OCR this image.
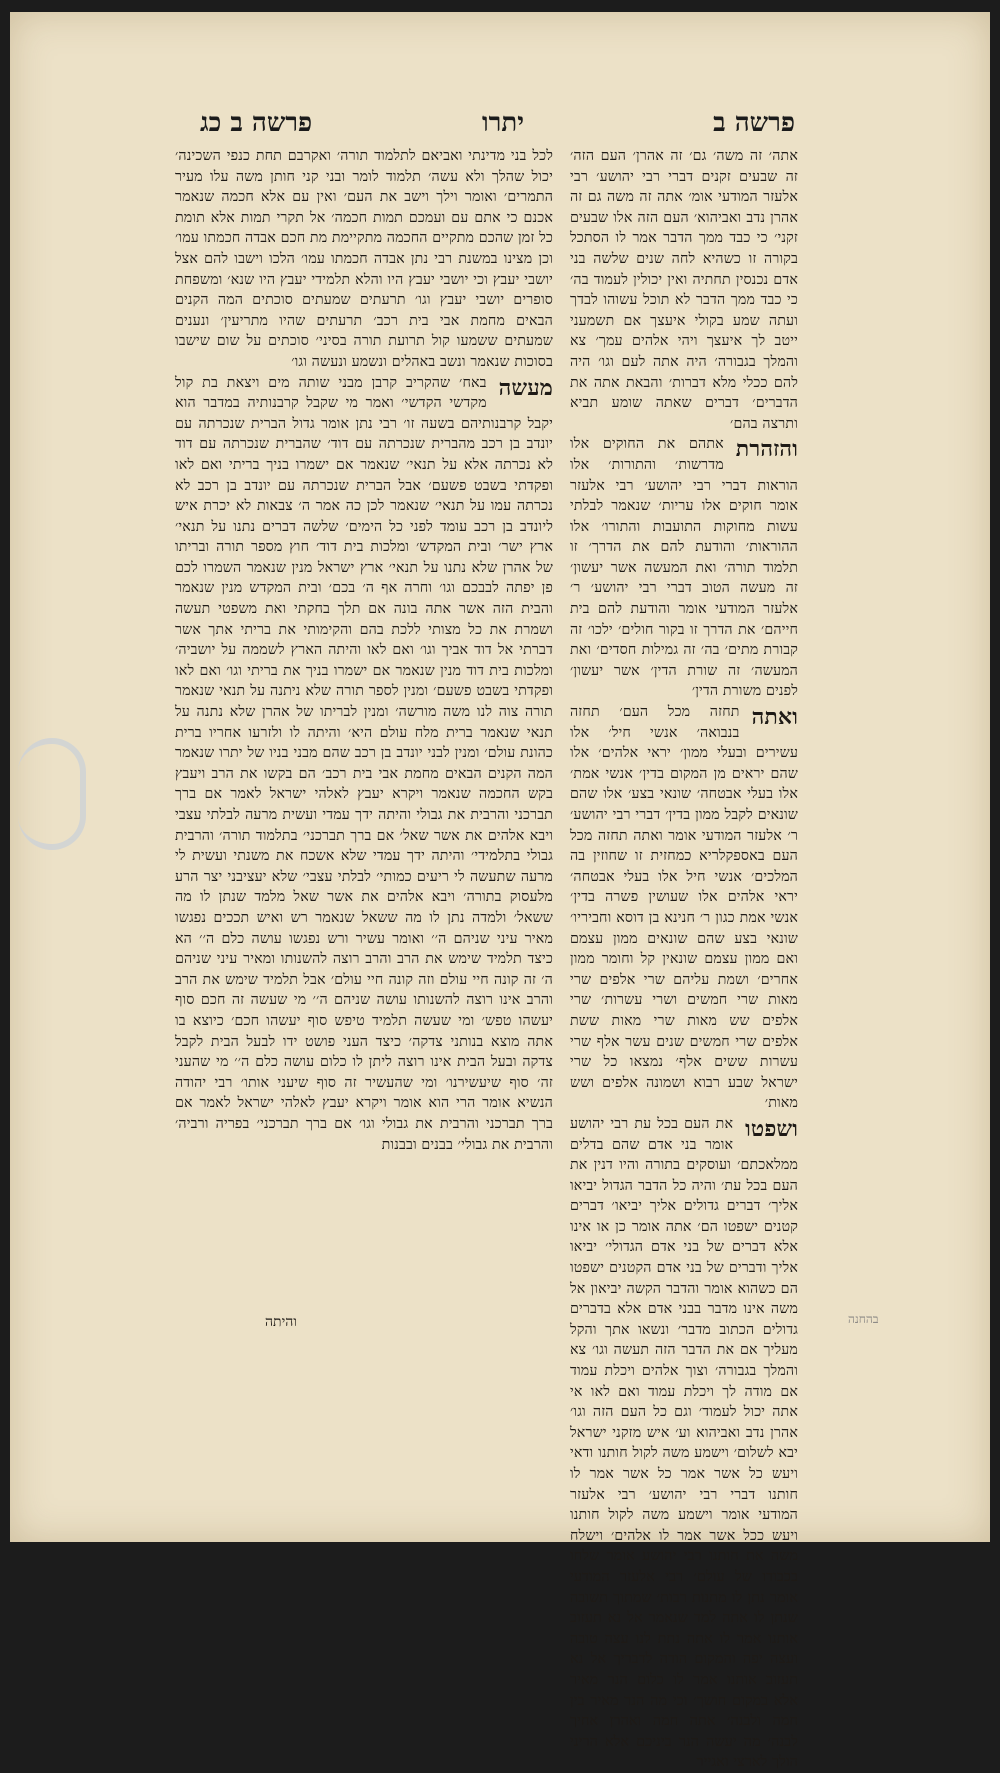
פרשה ב
יתרו
פרשה ב כג

אתה׳ זה משה׳ גם׳ זה אהרן׳ העם הזה׳ זה שבעים זקנים דברי רבי יהושע׳ רבי אלעזר המודעי אומ׳ אתה זה משה גם זה אהרן נדב ואביהוא׳ העם הזה אלו שבעים זקני׳ כי כבד ממך הדבר אמר לו הסתכל בקורה זו כשהיא לחה שנים שלשה בני אדם נכנסין תחתיה ואין יכולין לעמוד בה׳ כי כבד ממך הדבר לא תוכל עשוהו לבדך ועתה שמע בקולי איעצך אם תשמעני ייטב לך איעצך ויהי אלהים עמך׳ צא והמלך בגבורה׳ היה אתה לעם וגו׳ היה להם ככלי מלא דברות׳ והבאת אתה את הדברים׳ דברים שאתה שומע תביא ותרצה בהם׳

והזהרת
אתהם את החוקים אלו מדרשות׳ והתורות׳ אלו הוראות דברי רבי יהושע׳ רבי אלעזר אומר חוקים אלו עריות׳ שנאמר לבלתי עשות מחוקות התועבות והתורו׳ אלו ההוראות׳ והודעת להם את הדרך׳ זו תלמוד תורה׳ ואת המעשה אשר יעשון׳ זה מעשה הטוב דברי רבי יהושע׳ ר׳ אלעזר המודעי אומר והודעת להם בית חייהם׳ את הדרך זו בקור חולים׳ ילכו׳ זה קבורת מתים׳ בה׳ זה גמילות חסדים׳ ואת המעשה׳ זה שורת הדין׳ אשר יעשון׳ לפנים משורת הדין׳

ואתה
תחזה מכל העם׳ תחזה בנבואה׳ אנשי חיל׳ אלו עשירים ובעלי ממון׳ יראי אלהים׳ אלו שהם יראים מן המקום בדין׳ אנשי אמת׳ אלו בעלי אבטחה׳ שונאי בצע׳ אלו שהם שונאים לקבל ממון בדין׳ דברי רבי יהושע׳ ר׳ אלעזר המודעי אומר ואתה תחזה מכל העם באספקלריא כמחזית זו שחוזין בה המלכים׳ אנשי חיל אלו בעלי אבטחה׳ יראי אלהים אלו שעושין פשרה בדין׳ אנשי אמת כגון ר׳ חנינא בן דוסא וחביריו׳ שונאי בצע שהם שונאים ממון עצמם ואם ממון עצמם שונאין קל וחומר ממון אחרים׳ ושמת עליהם שרי אלפים שרי מאות שרי חמשים ושרי עשרות׳ שרי אלפים שש מאות שרי מאות ששת אלפים שרי חמשים שנים עשר אלף שרי עשרות ששים אלף׳ נמצאו כל שרי ישראל שבע רבוא ושמונה אלפים ושש מאות׳

ושפטו
את העם בכל עת רבי יהושע אומר בני אדם שהם בדלים ממלאכתם׳ ועוסקים בתורה והיו דנין את העם בכל עת׳ והיה כל הדבר הגדול יביאו אליך׳ דברים גדולים אליך יביאו׳ דברים קטנים ישפטו הם׳ אתה אומר כן או אינו אלא דברים של בני אדם הגדולי׳ יביאו אליך ודברים של בני אדם הקטנים ישפטו הם כשהוא אומר והדבר הקשה יביאון אל משה אינו מדבר בבני אדם אלא בדברים גדולים הכתוב מדבר׳ ונשאו אתך והקל מעליך אם את הדבר הזה תעשה וגו׳ צא והמלך בגבורה׳ וצוך אלהים ויכלת עמוד אם מודה לך ויכלת עמוד ואם לאו אי אתה יכול לעמוד׳ וגם כל העם הזה וגו׳ אהרן נדב ואביהוא וע׳ איש מזקני ישראל יבא לשלום׳ וישמע משה לקול חותנו ודאי ויעש כל אשר אמר כל אשר אמר לו חותנו דברי רבי יהושע׳ רבי אלעזר המודעי אומר וישמע משה לקול חותנו ויעש ככל אשר אמר לו אלהים׳ וישלח משה את חותנו רבי יהושע אומר שלחו בכבודו של עולם׳ רבי אלעזר המודעי אומר נתן לו מתנות רבות׳ שמתוך תשובה שנתן לו אתה למד שנאמר אל נא תעזוב אותנו אמר לו אתה נתת לנו עצה טובה ועצה יפה והמקום הודה לדבריך אל נא תעזוב אותנו אמר לו כלום הנר מאיר אלא במקום חושך׳ וכי מה הנר מאיר בין חמה ולבנה׳ אתה חמה ואהרן אחיך לבנה׳ מה יעשה הנר ביניכם אלא הריני הולך לארצי ואגייר

לכל בני מדינתי ואביאם לתלמוד תורה׳ ואקרבם תחת כנפי השכינה׳ יכול שהלך ולא עשה׳ תלמוד לומר ובני קני חותן משה עלו מעיר התמרים׳ ואומר וילך וישב את העם׳ ואין עם אלא חכמה שנאמר אכנם כי אתם עם ועמכם תמות חכמה׳ אל תקרי תמות אלא תומת כל זמן שהכם מתקיים החכמה מתקיימת מת חכם אבדה חכמתו עמו׳ וכן מצינו במשנת רבי נתן אבדה חכמתו עמו׳ הלכו וישבו להם אצל יושבי יעבץ וכי יושבי יעבץ היו והלא תלמידי יעבץ היו שנא׳ ומשפחת סופרים יושבי יעבץ וגו׳ תרעתים שמעתים סוכתים המה הקנים הבאים מחמת אבי בית רכב׳ תרעתים שהיו מתריעין׳ ונענים שמעתים ששמעו קול תרועת תורה בסיני׳ סוכתים על שום שישבו בסוכות שנאמר ונשב באהלים ונשמע ונעשה וגו׳

מעשה
באח׳ שהקריב קרבן מבני שותה מים ויצאת בת קול מקדשי הקדשי׳ ואמר מי שקבל קרבנותיה במדבר הוא יקבל קרבנותיהם בשעה זו׳ רבי נתן אומר גדול הברית שנכרתה עם יונדב בן רכב מהברית שנכרתה עם דוד׳ שהברית שנכרתה עם דוד לא נכרתה אלא על תנאי׳ שנאמר אם ישמרו בניך בריתי ואם לאו ופקדתי בשבט פשעם׳ אבל הברית שנכרתה עם יונדב בן רכב לא נכרתה עמו על תנאי׳ שנאמר לכן כה אמר ה׳ צבאות לא יכרת איש ליונדב בן רכב עומד לפני כל הימים׳ שלשה דברים נתנו על תנאי׳ ארץ ישר׳ ובית המקדש׳ ומלכות בית דוד׳ חוץ מספר תורה ובריתו של אהרן שלא נתנו על תנאי׳ ארץ ישראל מנין שנאמר השמרו לכם פן יפתה לבבכם וגו׳ וחרה אף ה׳ בכם׳ ובית המקדש מנין שנאמר והבית הזה אשר אתה בונה אם תלך בחקתי ואת משפטי תעשה ושמרת את כל מצותי ללכת בהם והקימותי את בריתי אתך אשר דברתי אל דוד אביך וגו׳ ואם לאו והיתה הארץ לשממה על יושביה׳ ומלכות בית דוד מנין שנאמר אם ישמרו בניך את בריתי וגו׳ ואם לאו ופקדתי בשבט פשעם׳ ומנין לספר תורה שלא ניתנה על תנאי שנאמר תורה צוה לנו משה מורשה׳ ומנין לבריתו של אהרן שלא נתנה על תנאי שנאמר ברית מלח עולם היא׳ והיתה לו ולזרעו אחריו ברית כהונת עולם׳ ומנין לבני יונדב בן רכב שהם מבני בניו של יתרו שנאמר המה הקנים הבאים מחמת אבי בית רכב׳ הם בקשו את הרב ויעבץ בקש החכמה שנאמר ויקרא יעבץ לאלהי ישראל לאמר אם ברך תברכני והרבית את גבולי והיתה ידך עמדי ועשית מרעה לבלתי עצבי ויבא אלהים את אשר שאל׳ אם ברך תברכני׳ בתלמוד תורה׳ והרבית גבולי בתלמידי׳ והיתה ידך עמדי שלא אשכח את משנתי ועשית לי מרעה שתעשה לי ריעים כמותי׳ לבלתי עצבי׳ שלא יעציבני יצר הרע מלעסוק בתורה׳ ויבא אלהים את אשר שאל מלמד שנתן לו מה ששאל׳ ולמדה נתן לו מה ששאל שנאמר רש ואיש תככים נפגשו מאיר עיני שניהם ה׳׳ ואומר עשיר ורש נפגשו עושה כלם ה׳׳ הא כיצד תלמיד שימש את הרב והרב רוצה להשנותו ומאיר עיני שניהם ה׳ זה קונה חיי עולם וזה קונה חיי עולם׳ אבל תלמיד שימש את הרב והרב אינו רוצה להשנותו עושה שניהם ה׳׳ מי שעשה זה חכם סוף יעשהו טפש׳ ומי שעשה תלמיד טיפש סוף יעשהו חכם׳ כיוצא בו אתה מוצא בנותני צדקה׳ כיצד העני פושט ידו לבעל הבית לקבל צדקה ובעל הבית אינו רוצה ליתן לו כלום עושה כלם ה׳׳ מי שהעני זה׳ סוף שיעשירנו׳ ומי שהעשיר זה סוף שיעני אותו׳ רבי יהודה הנשיא אומר הרי הוא אומר ויקרא יעבץ לאלהי ישראל לאמר אם ברך תברכני והרבית את גבולי וגו׳ אם ברך תברכני׳ בפריה ורביה׳ והרבית את גבולי׳ בבנים ובבנות

והיתה	בהחנה
